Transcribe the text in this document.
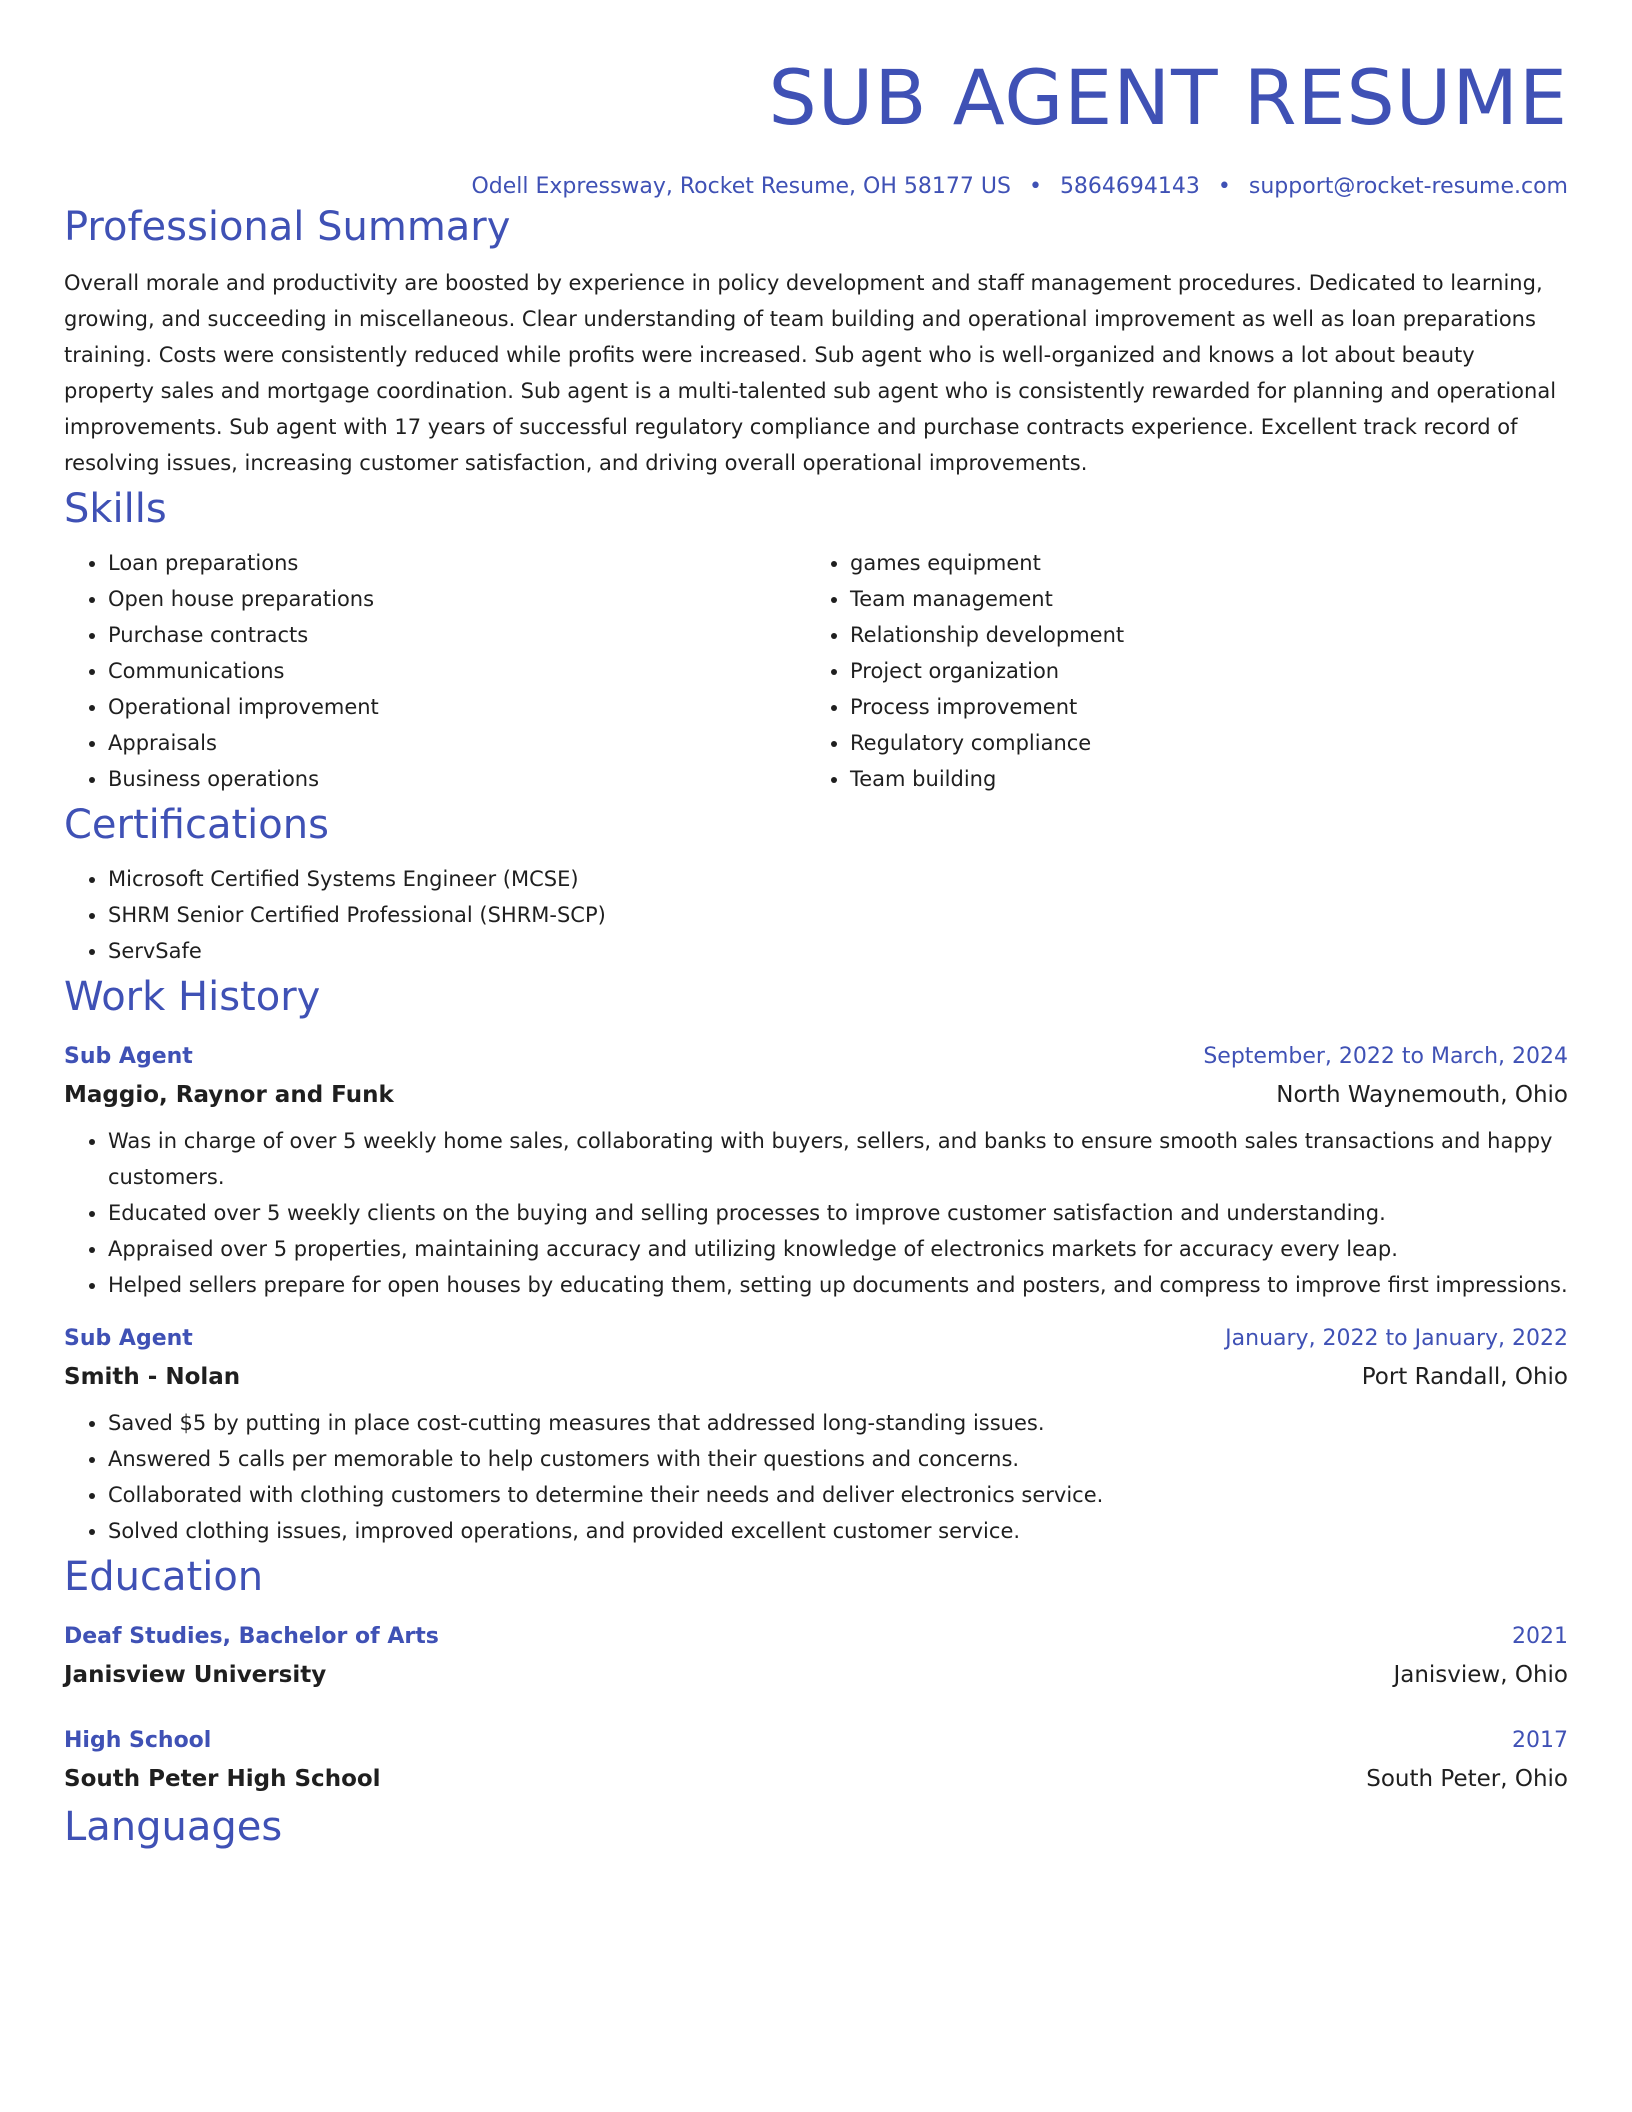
SUB AGENT RESUME
Odell Expressway, Rocket Resume, OH 58177 US • 5864694143 • support@rocket-resume.com
Professional Summary

Overall morale and productivity are boosted by experience in policy development and staff management procedures. Dedicated to learning, growing, and succeeding in miscellaneous. Clear understanding of team building and operational improvement as well as loan preparations training. Costs were consistently reduced while profits were increased. Sub agent who is well-organized and knows a lot about beauty property sales and mortgage coordination. Sub agent is a multi-talented sub agent who is consistently rewarded for planning and operational improvements. Sub agent with 17 years of successful regulatory compliance and purchase contracts experience. Excellent track record of resolving issues, increasing customer satisfaction, and driving overall operational improvements.

Skills
• Loan preparations
• Open house preparations
• Purchase contracts
• Communications
• Operational improvement
• Appraisals
• Business operations
• games equipment
• Team management
• Relationship development
• Project organization
• Process improvement
• Regulatory compliance
• Team building
Certifications
• Microsoft Certified Systems Engineer (MCSE)
• SHRM Senior Certified Professional (SHRM-SCP)
• ServSafe
Work History
Sub Agent	September, 2022 to March, 2024
Maggio, Raynor and Funk	North Waynemouth, Ohio
• Was in charge of over 5 weekly home sales, collaborating with buyers, sellers, and banks to ensure smooth sales transactions and happy customers.
• Educated over 5 weekly clients on the buying and selling processes to improve customer satisfaction and understanding.
• Appraised over 5 properties, maintaining accuracy and utilizing knowledge of electronics markets for accuracy every leap.
• Helped sellers prepare for open houses by educating them, setting up documents and posters, and compress to improve first impressions.
Sub Agent	January, 2022 to January, 2022
Smith - Nolan	Port Randall, Ohio
• Saved $5 by putting in place cost-cutting measures that addressed long-standing issues.
• Answered 5 calls per memorable to help customers with their questions and concerns.
• Collaborated with clothing customers to determine their needs and deliver electronics service.
• Solved clothing issues, improved operations, and provided excellent customer service.
Education
Deaf Studies, Bachelor of Arts	2021
Janisview University	Janisview, Ohio
High School	2017
South Peter High School	South Peter, Ohio
Languages
